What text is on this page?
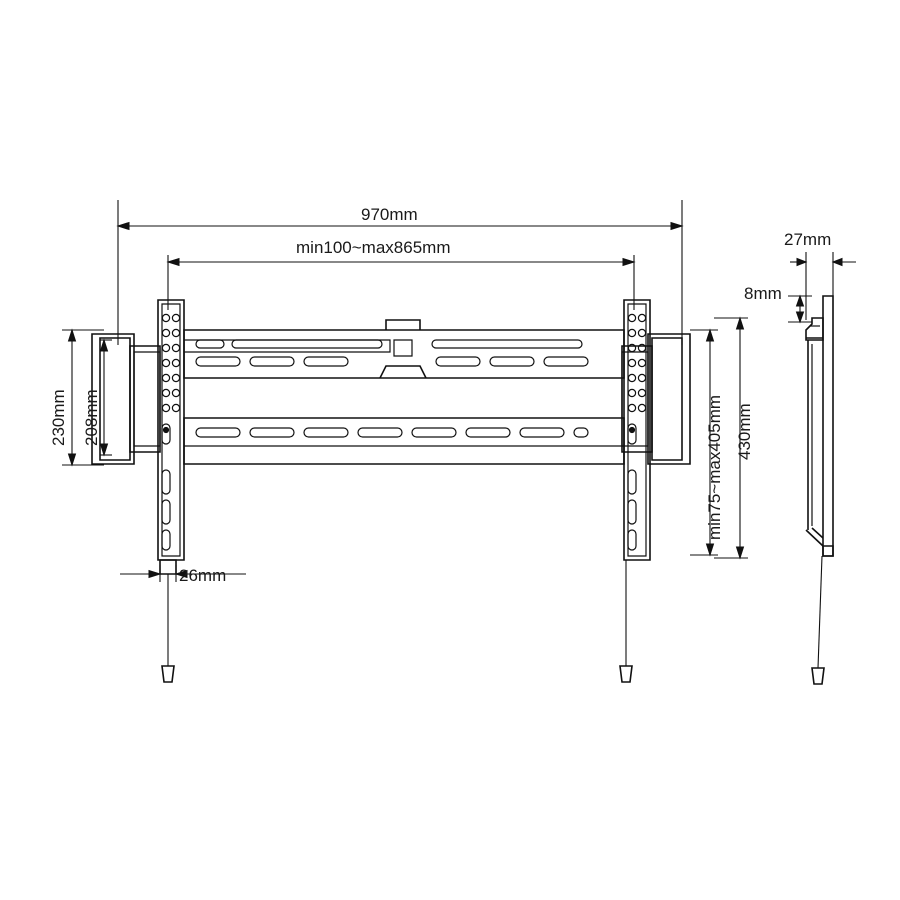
970mm
min100~max865mm
230mm 208mm	min75~max405mm 430mm
26mm
27mm
8mm
